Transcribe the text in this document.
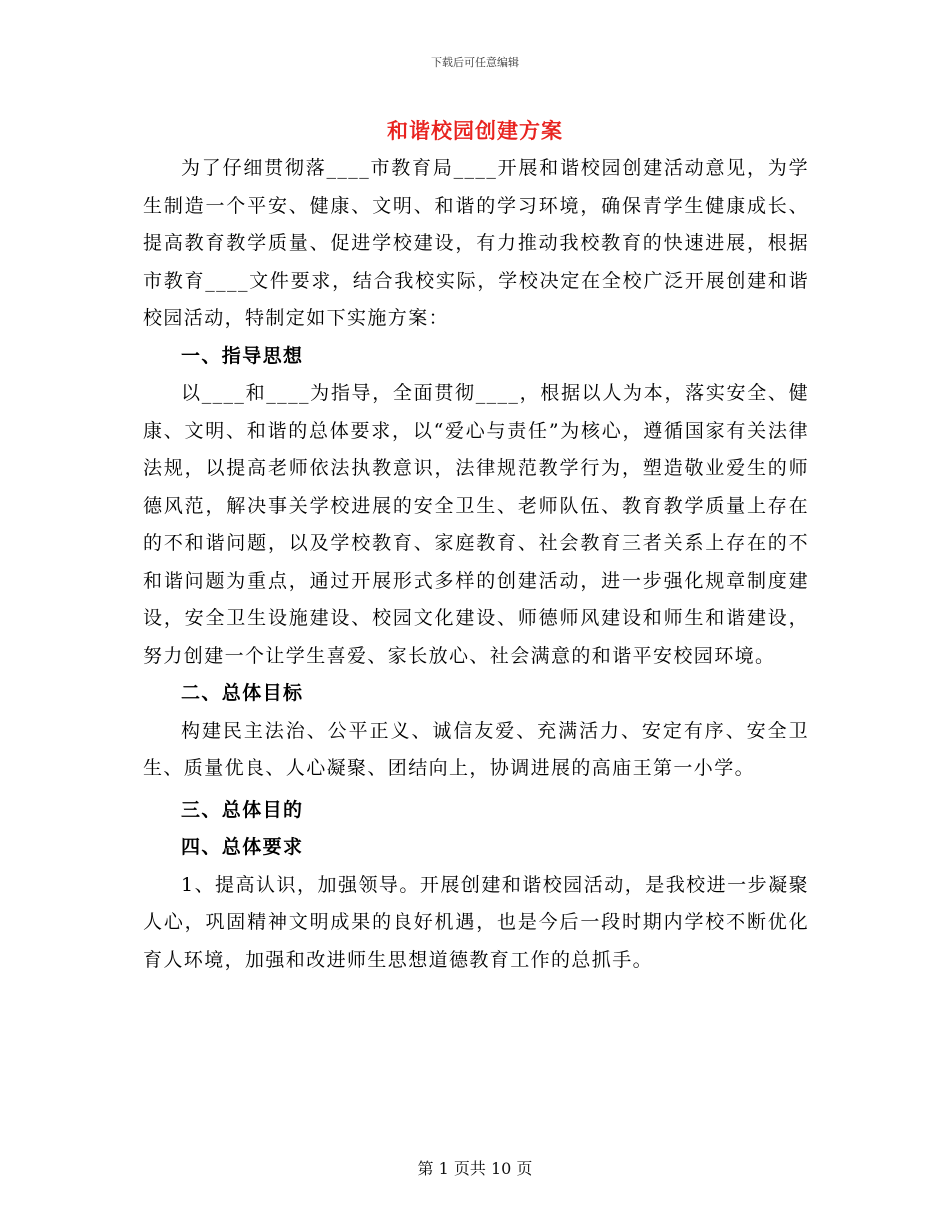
下载后可任意编辑
和谐校园创建方案

为了仔细贯彻落____市教育局____开展和谐校园创建活动意见，为学生制造一个平安、健康、文明、和谐的学习环境，确保青学生健康成长、提高教育教学质量、促进学校建设，有力推动我校教育的快速进展，根据市教育____文件要求，结合我校实际，学校决定在全校广泛开展创建和谐校园活动，特制定如下实施方案：

一、指导思想

以____和____为指导，全面贯彻____，根据以人为本，落实安全、健康、文明、和谐的总体要求，以“爱心与责任”为核心，遵循国家有关法律法规，以提高老师依法执教意识，法律规范教学行为，塑造敬业爱生的师德风范，解决事关学校进展的安全卫生、老师队伍、教育教学质量上存在的不和谐问题，以及学校教育、家庭教育、社会教育三者关系上存在的不和谐问题为重点，通过开展形式多样的创建活动，进一步强化规章制度建设，安全卫生设施建设、校园文化建设、师德师风建设和师生和谐建设，努力创建一个让学生喜爱、家长放心、社会满意的和谐平安校园环境。

二、总体目标

构建民主法治、公平正义、诚信友爱、充满活力、安定有序、安全卫生、质量优良、人心凝聚、团结向上，协调进展的高庙王第一小学。

三、总体目的

四、总体要求

1、提高认识，加强领导。开展创建和谐校园活动，是我校进一步凝聚人心，巩固精神文明成果的良好机遇，也是今后一段时期内学校不断优化育人环境，加强和改进师生思想道德教育工作的总抓手。

第 1 页共 10 页
